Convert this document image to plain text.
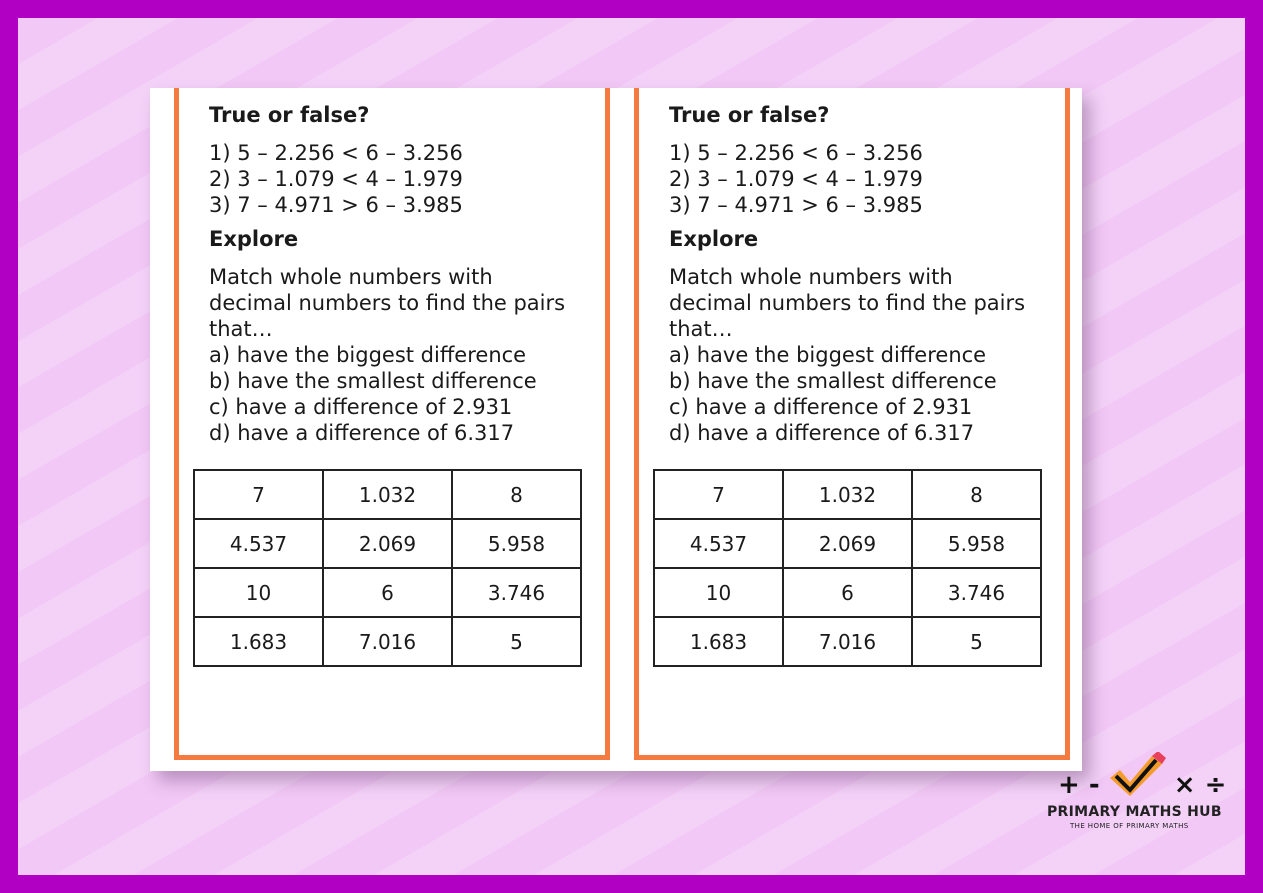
True or false?

1) 5 – 2.256 < 6 – 3.256

2) 3 – 1.079 < 4 – 1.979

3) 7 – 4.971 > 6 – 3.985

Explore

Match whole numbers with

decimal numbers to find the pairs

that…

a) have the biggest difference

b) have the smallest difference

c) have a difference of 2.931

d) have a difference of 6.317

7	1.032	8
4.537	2.069	5.958
10	6	3.746
1.683	7.016	5

True or false?

1) 5 – 2.256 < 6 – 3.256

2) 3 – 1.079 < 4 – 1.979

3) 7 – 4.971 > 6 – 3.985

Explore

Match whole numbers with

decimal numbers to find the pairs

that…

a) have the biggest difference

b) have the smallest difference

c) have a difference of 2.931

d) have a difference of 6.317

7	1.032	8
4.537	2.069	5.958
10	6	3.746
1.683	7.016	5
+ -	× ÷
PRIMARY MATHS HUB
THE HOME OF PRIMARY MATHS
